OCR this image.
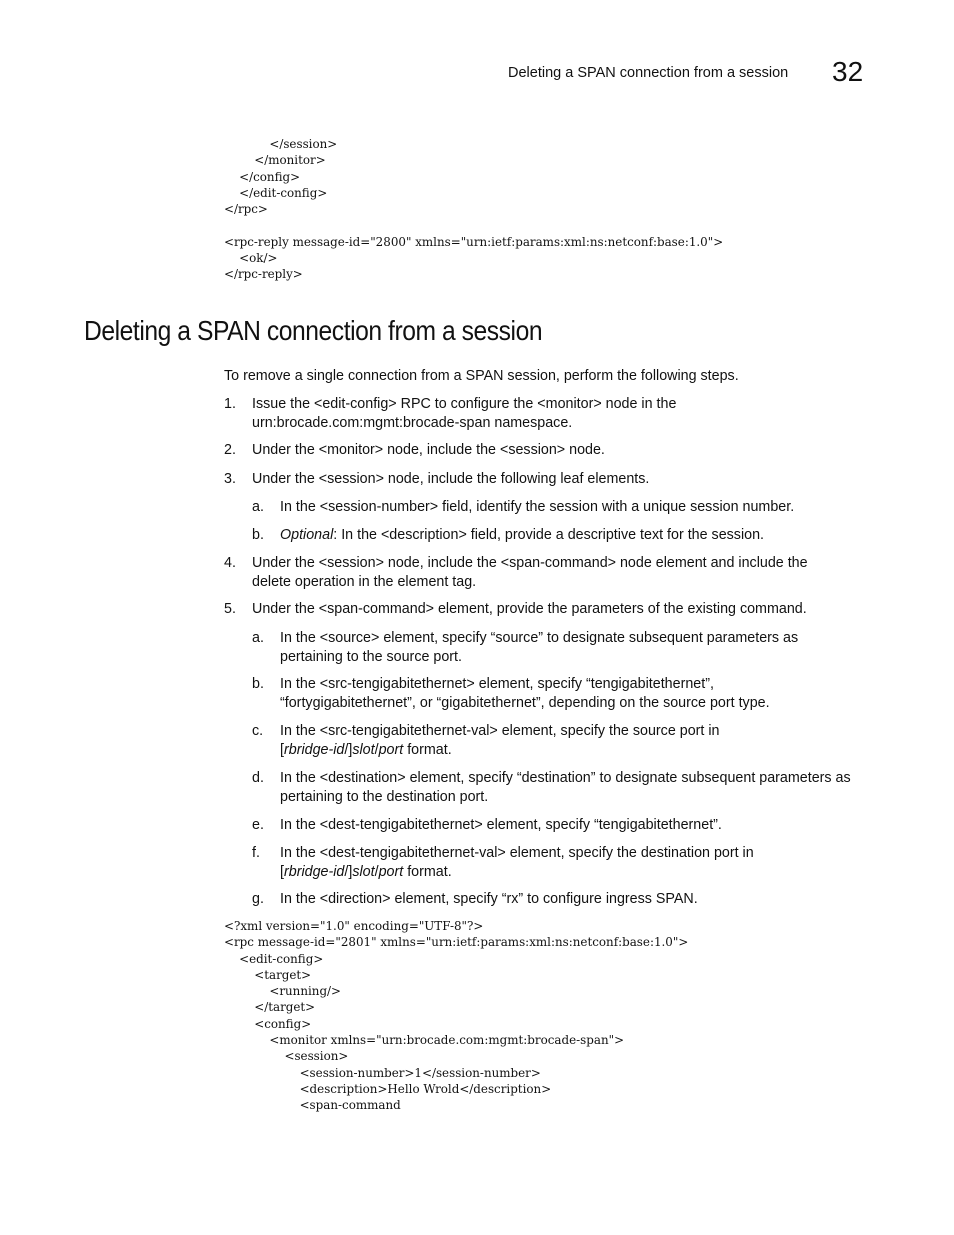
Deleting a SPAN connection from a session 32
</session>
</monitor>
</config>
</edit-config>
</rpc>

<rpc-reply message-id="2800" xmlns="urn:ietf:params:xml:ns:netconf:base:1.0">
<ok/>
</rpc-reply>
Deleting a SPAN connection from a session

To remove a single connection from a SPAN session, perform the following steps.

1. Issue the <edit-config> RPC to configure the <monitor> node in the urn:brocade.com:mgmt:brocade-span namespace.

2. Under the <monitor> node, include the <session> node.

3. Under the <session> node, include the following leaf elements.

a. In the <session-number> field, identify the session with a unique session number.

b. Optional: In the <description> field, provide a descriptive text for the session.

4. Under the <session> node, include the <span-command> node element and include the delete operation in the element tag.

5. Under the <span-command> element, provide the parameters of the existing command.

a. In the <source> element, specify “source” to designate subsequent parameters as pertaining to the source port.

b. In the <src-tengigabitethernet> element, specify “tengigabitethernet”, “fortygigabitethernet”, or “gigabitethernet”, depending on the source port type.

c. In the <src-tengigabitethernet-val> element, specify the source port in [rbridge-id/]slot/port format.

d. In the <destination> element, specify “destination” to designate subsequent parameters as pertaining to the destination port.

e. In the <dest-tengigabitethernet> element, specify “tengigabitethernet”.

f. In the <dest-tengigabitethernet-val> element, specify the destination port in [rbridge-id/]slot/port format.

g. In the <direction> element, specify “rx” to configure ingress SPAN.

<?xml version="1.0" encoding="UTF-8"?>
<rpc message-id="2801" xmlns="urn:ietf:params:xml:ns:netconf:base:1.0">
<edit-config>
<target>
<running/>
</target>
<config>
<monitor xmlns="urn:brocade.com:mgmt:brocade-span">
<session>
<session-number>1</session-number>
<description>Hello Wrold</description>
<span-command
